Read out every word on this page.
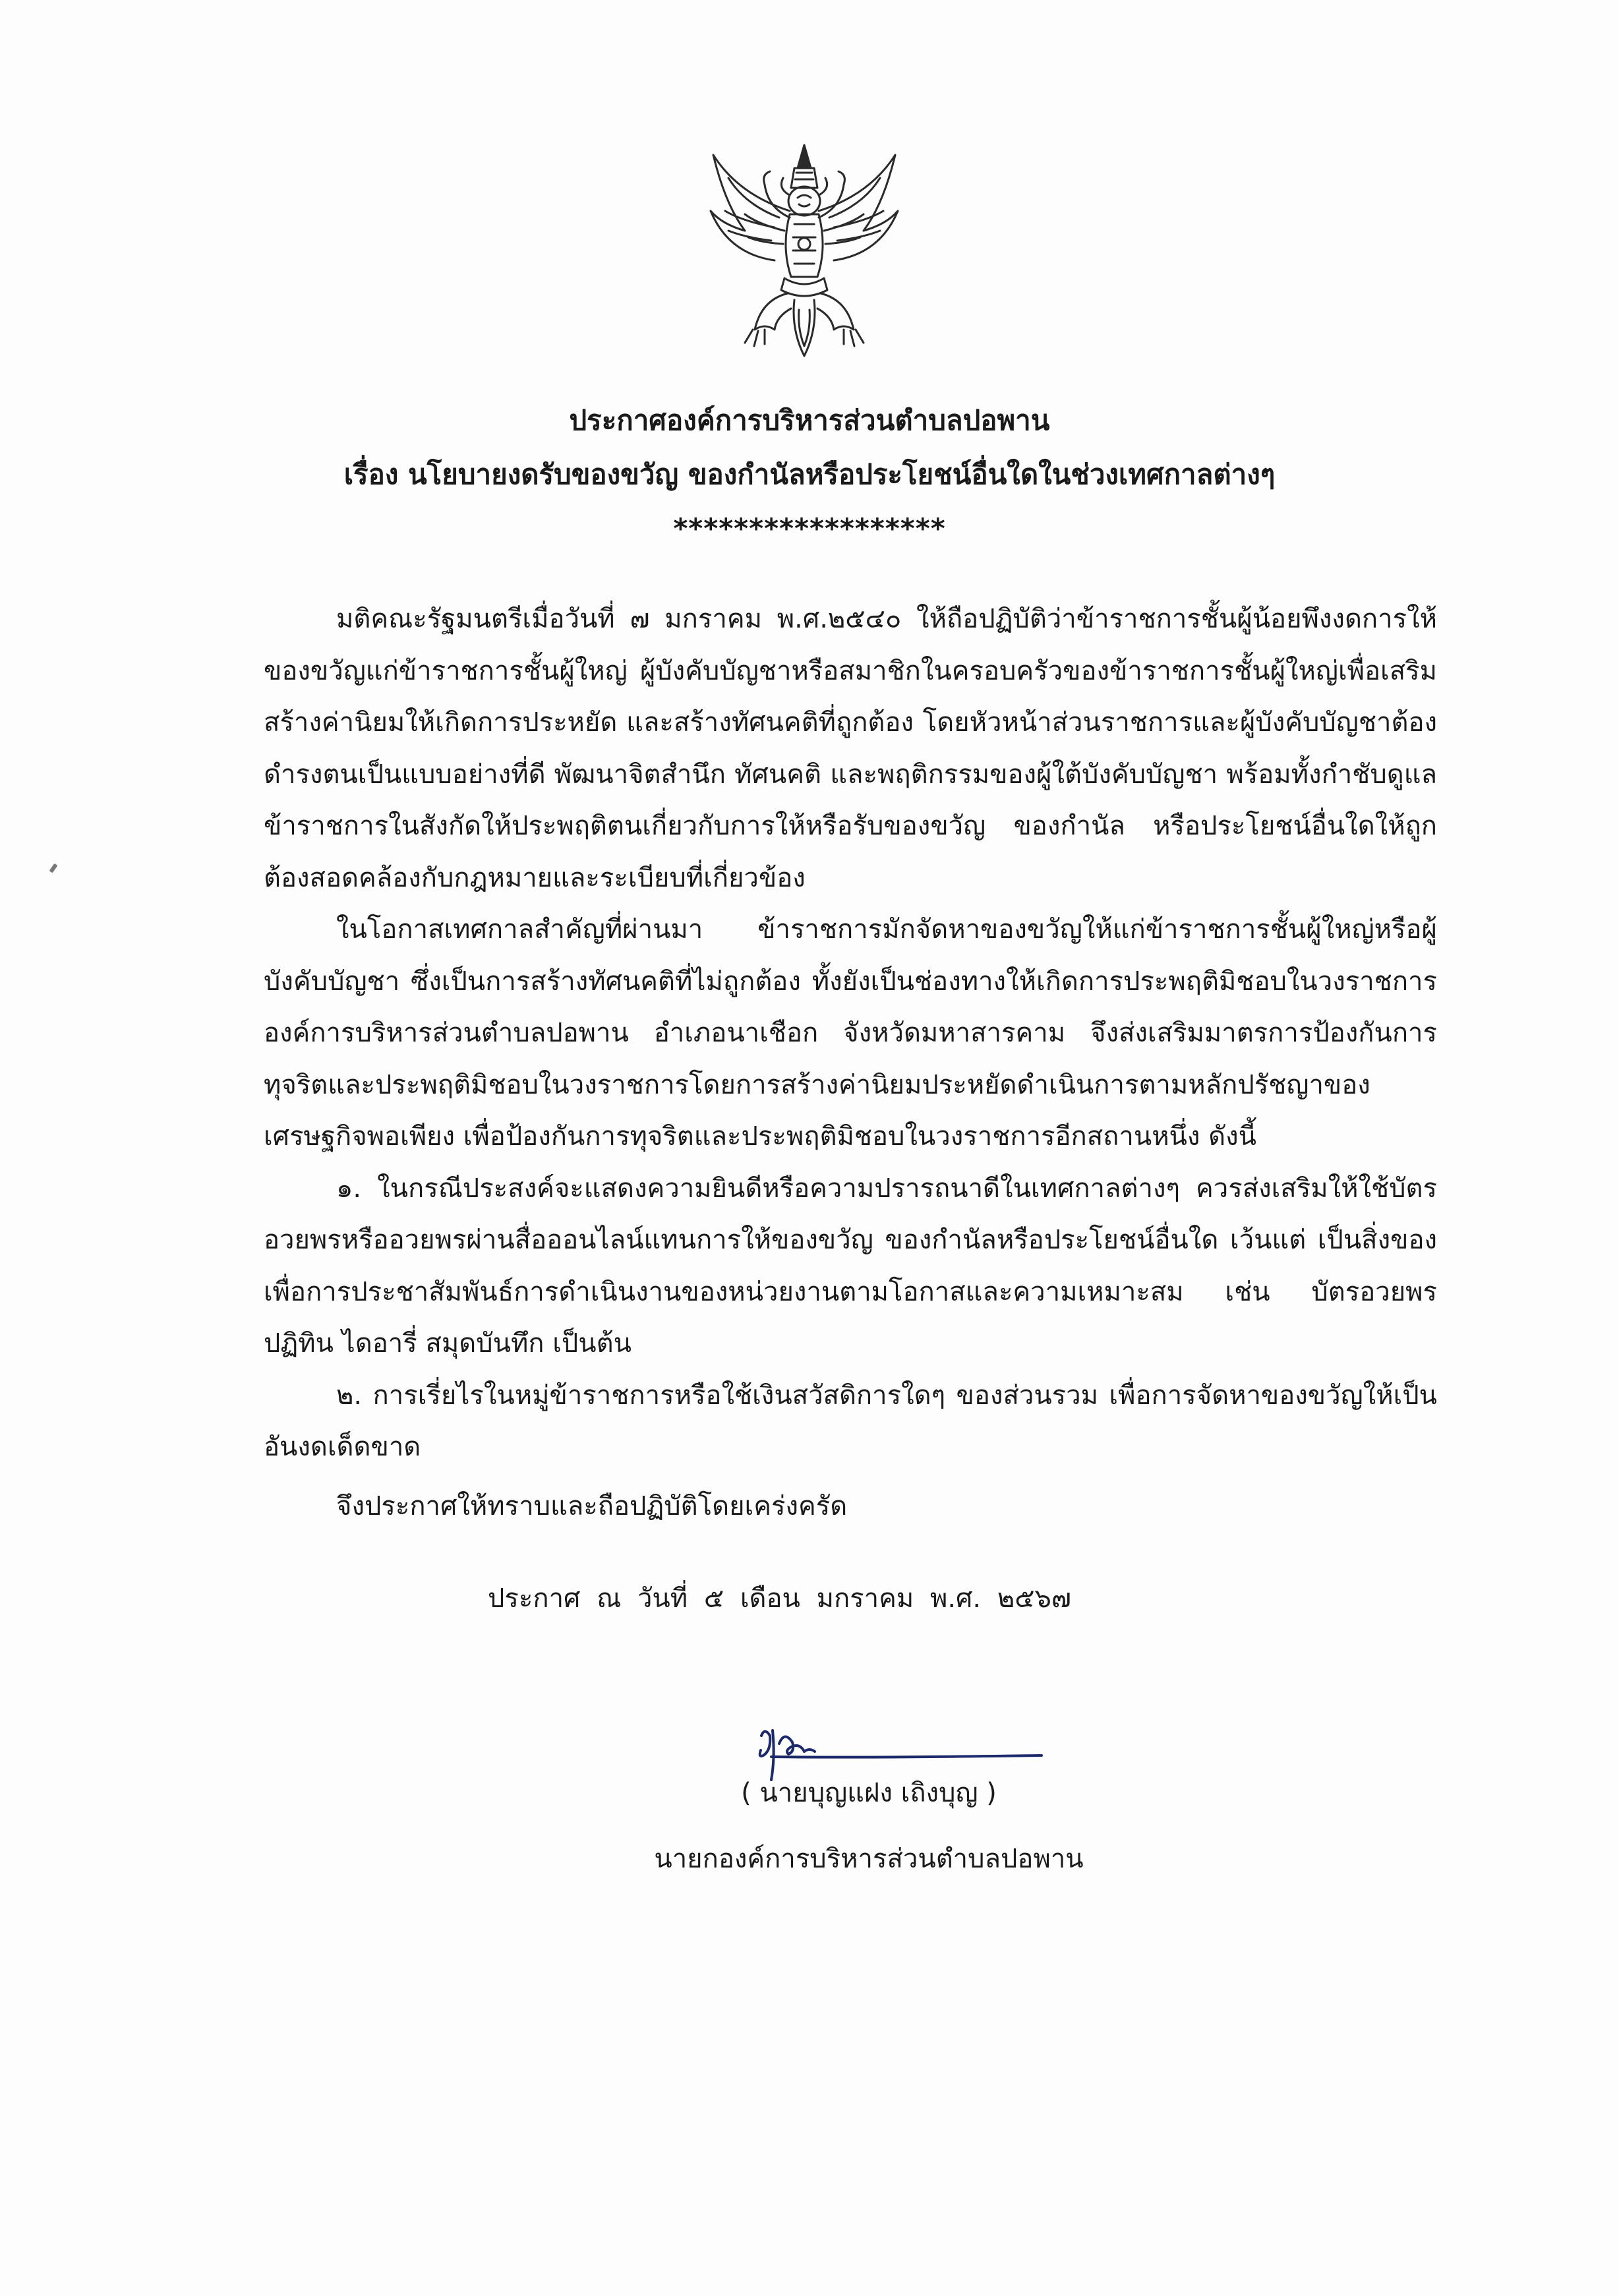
ประกาศองค์การบริหารส่วนตำบลปอพาน
เรื่อง นโยบายงดรับของขวัญ ของกำนัลหรือประโยชน์อื่นใดในช่วงเทศกาลต่างๆ
******************

มติคณะรัฐมนตรีเมื่อวันที่ ๗ มกราคม พ.ศ.๒๕๔๐ ให้ถือปฏิบัติว่าข้าราชการชั้นผู้น้อยพึงงดการให้ของขวัญแก่ข้าราชการชั้นผู้ใหญ่ ผู้บังคับบัญชาหรือสมาชิกในครอบครัวของข้าราชการชั้นผู้ใหญ่เพื่อเสริมสร้างค่านิยมให้เกิดการประหยัด และสร้างทัศนคติที่ถูกต้อง โดยหัวหน้าส่วนราชการและผู้บังคับบัญชาต้องดำรงตนเป็นแบบอย่างที่ดี พัฒนาจิตสำนึก ทัศนคติ และพฤติกรรมของผู้ใต้บังคับบัญชา พร้อมทั้งกำชับดูแลข้าราชการในสังกัดให้ประพฤติตนเกี่ยวกับการให้หรือรับของขวัญ ของกำนัล หรือประโยชน์อื่นใดให้ถูกต้องสอดคล้องกับกฎหมายและระเบียบที่เกี่ยวข้อง

ในโอกาสเทศกาลสำคัญที่ผ่านมา ข้าราชการมักจัดหาของขวัญให้แก่ข้าราชการชั้นผู้ใหญ่หรือผู้บังคับบัญชา ซึ่งเป็นการสร้างทัศนคติที่ไม่ถูกต้อง ทั้งยังเป็นช่องทางให้เกิดการประพฤติมิชอบในวงราชการ องค์การบริหารส่วนตำบลปอพาน อำเภอนาเชือก จังหวัดมหาสารคาม จึงส่งเสริมมาตรการป้องกันการทุจริตและประพฤติมิชอบในวงราชการโดยการสร้างค่านิยมประหยัดดำเนินการตามหลักปรัชญาของเศรษฐกิจพอเพียง เพื่อป้องกันการทุจริตและประพฤติมิชอบในวงราชการอีกสถานหนึ่ง ดังนี้

๑. ในกรณีประสงค์จะแสดงความยินดีหรือความปรารถนาดีในเทศกาลต่างๆ ควรส่งเสริมให้ใช้บัตรอวยพรหรืออวยพรผ่านสื่อออนไลน์แทนการให้ของขวัญ ของกำนัลหรือประโยชน์อื่นใด เว้นแต่ เป็นสิ่งของเพื่อการประชาสัมพันธ์การดำเนินงานของหน่วยงานตามโอกาสและความเหมาะสม เช่น บัตรอวยพร ปฏิทิน ไดอารี่ สมุดบันทึก เป็นต้น

๒. การเรี่ยไรในหมู่ข้าราชการหรือใช้เงินสวัสดิการใดๆ ของส่วนรวม เพื่อการจัดหาของขวัญให้เป็นอันงดเด็ดขาด

จึงประกาศให้ทราบและถือปฏิบัติโดยเคร่งครัด
ประกาศ ณ วันที่ ๕ เดือน มกราคม พ.ศ. ๒๕๖๗
( นายบุญแฝง เถิงบุญ )
นายกองค์การบริหารส่วนตำบลปอพาน
